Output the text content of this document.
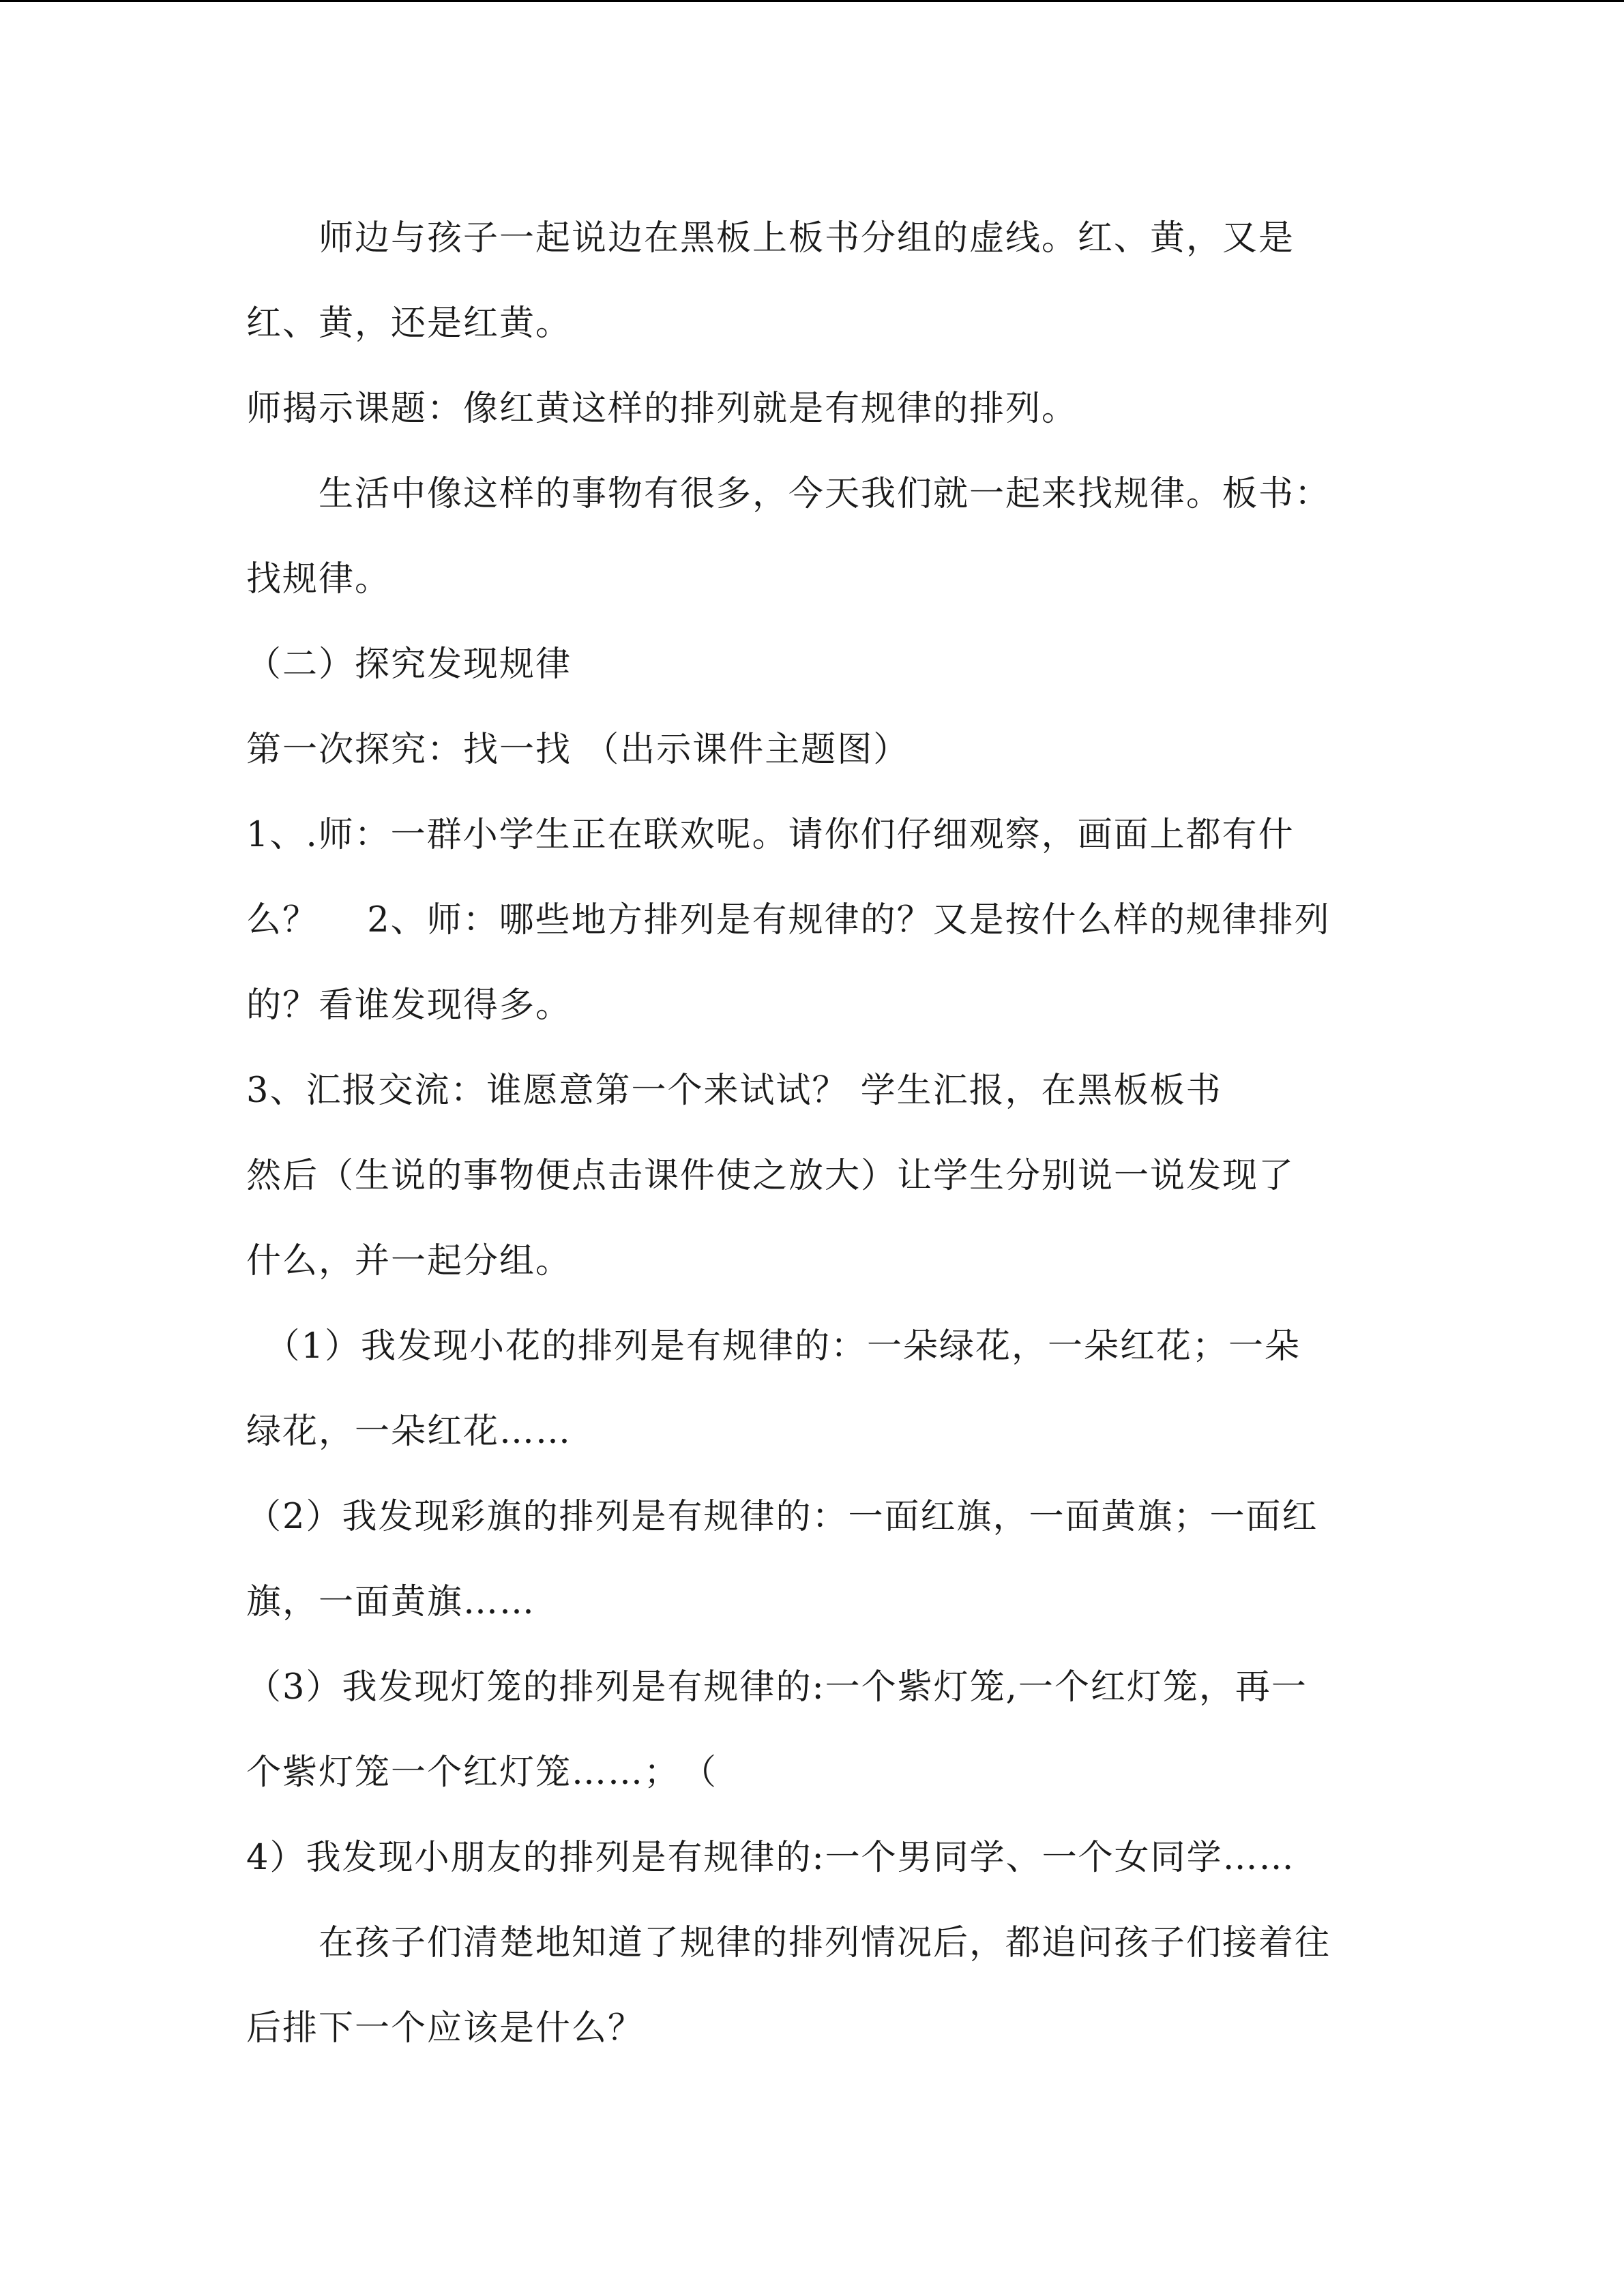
　　师边与孩子一起说边在黑板上板书分组的虚线。红、黄，又是
红、黄，还是红黄。
师揭示课题：像红黄这样的排列就是有规律的排列。
　　生活中像这样的事物有很多，今天我们就一起来找规律。板书：
找规律。
（二）探究发现规律
第一次探究：找一找 （出示课件主题图）
1、.师：一群小学生正在联欢呢。请你们仔细观察，画面上都有什
么？　 2、师：哪些地方排列是有规律的？又是按什么样的规律排列
的？看谁发现得多。
3、汇报交流：谁愿意第一个来试试？ 学生汇报，在黑板板书
然后（生说的事物便点击课件使之放大）让学生分别说一说发现了
什么，并一起分组。
　（1）我发现小花的排列是有规律的：一朵绿花，一朵红花；一朵
绿花，一朵红花……
（2）我发现彩旗的排列是有规律的：一面红旗，一面黄旗；一面红
旗，一面黄旗……
（3）我发现灯笼的排列是有规律的:一个紫灯笼,一个红灯笼，再一
个紫灯笼一个红灯笼……；　（
4）我发现小朋友的排列是有规律的:一个男同学、一个女同学……
　　在孩子们清楚地知道了规律的排列情况后，都追问孩子们接着往
后排下一个应该是什么？
